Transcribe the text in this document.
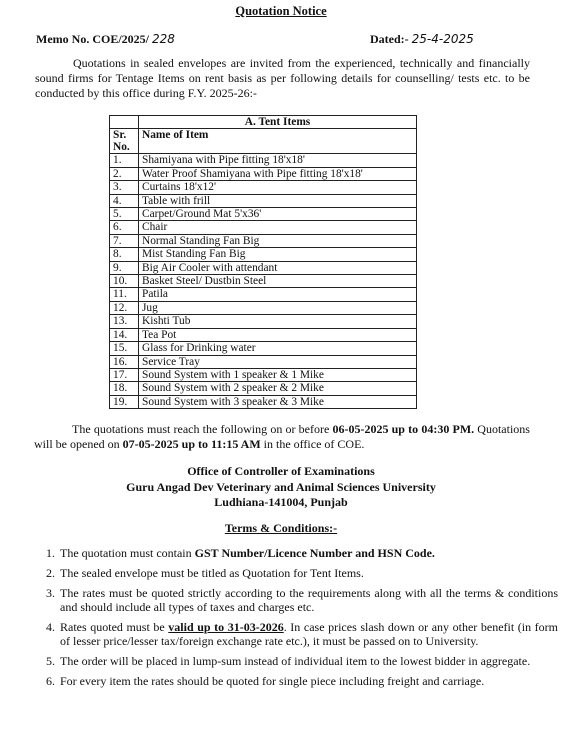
Quotation Notice
Memo No. COE/2025/ 228	Dated:- 25-4-2025
Quotations in sealed envelopes are invited from the experienced, technically and financially sound firms for Tentage Items on rent basis as per following details for counselling/ tests etc. to be conducted by this office during F.Y. 2025-26:-
	A. Tent Items
Sr. No.	Name of Item
1.	Shamiyana with Pipe fitting 18'x18'
2.	Water Proof Shamiyana with Pipe fitting 18'x18'
3.	Curtains 18'x12'
4.	Table with frill
5.	Carpet/Ground Mat 5'x36'
6.	Chair
7.	Normal Standing Fan Big
8.	Mist Standing Fan Big
9.	Big Air Cooler with attendant
10.	Basket Steel/ Dustbin Steel
11.	Patila
12.	Jug
13.	Kishti Tub
14.	Tea Pot
15.	Glass for Drinking water
16.	Service Tray
17.	Sound System with 1 speaker & 1 Mike
18.	Sound System with 2 speaker & 2 Mike
19.	Sound System with 3 speaker & 3 Mike
The quotations must reach the following on or before 06-05-2025 up to 04:30 PM. Quotations will be opened on 07-05-2025 up to 11:15 AM in the office of COE.
Office of Controller of Examinations
Guru Angad Dev Veterinary and Animal Sciences University
Ludhiana-141004, Punjab
Terms & Conditions:-
1. The quotation must contain GST Number/Licence Number and HSN Code.
2. The sealed envelope must be titled as Quotation for Tent Items.
3. The rates must be quoted strictly according to the requirements along with all the terms & conditions and should include all types of taxes and charges etc.
4. Rates quoted must be valid up to 31-03-2026. In case prices slash down or any other benefit (in form of lesser price/lesser tax/foreign exchange rate etc.), it must be passed on to University.
5. The order will be placed in lump-sum instead of individual item to the lowest bidder in aggregate.
6. For every item the rates should be quoted for single piece including freight and carriage.
